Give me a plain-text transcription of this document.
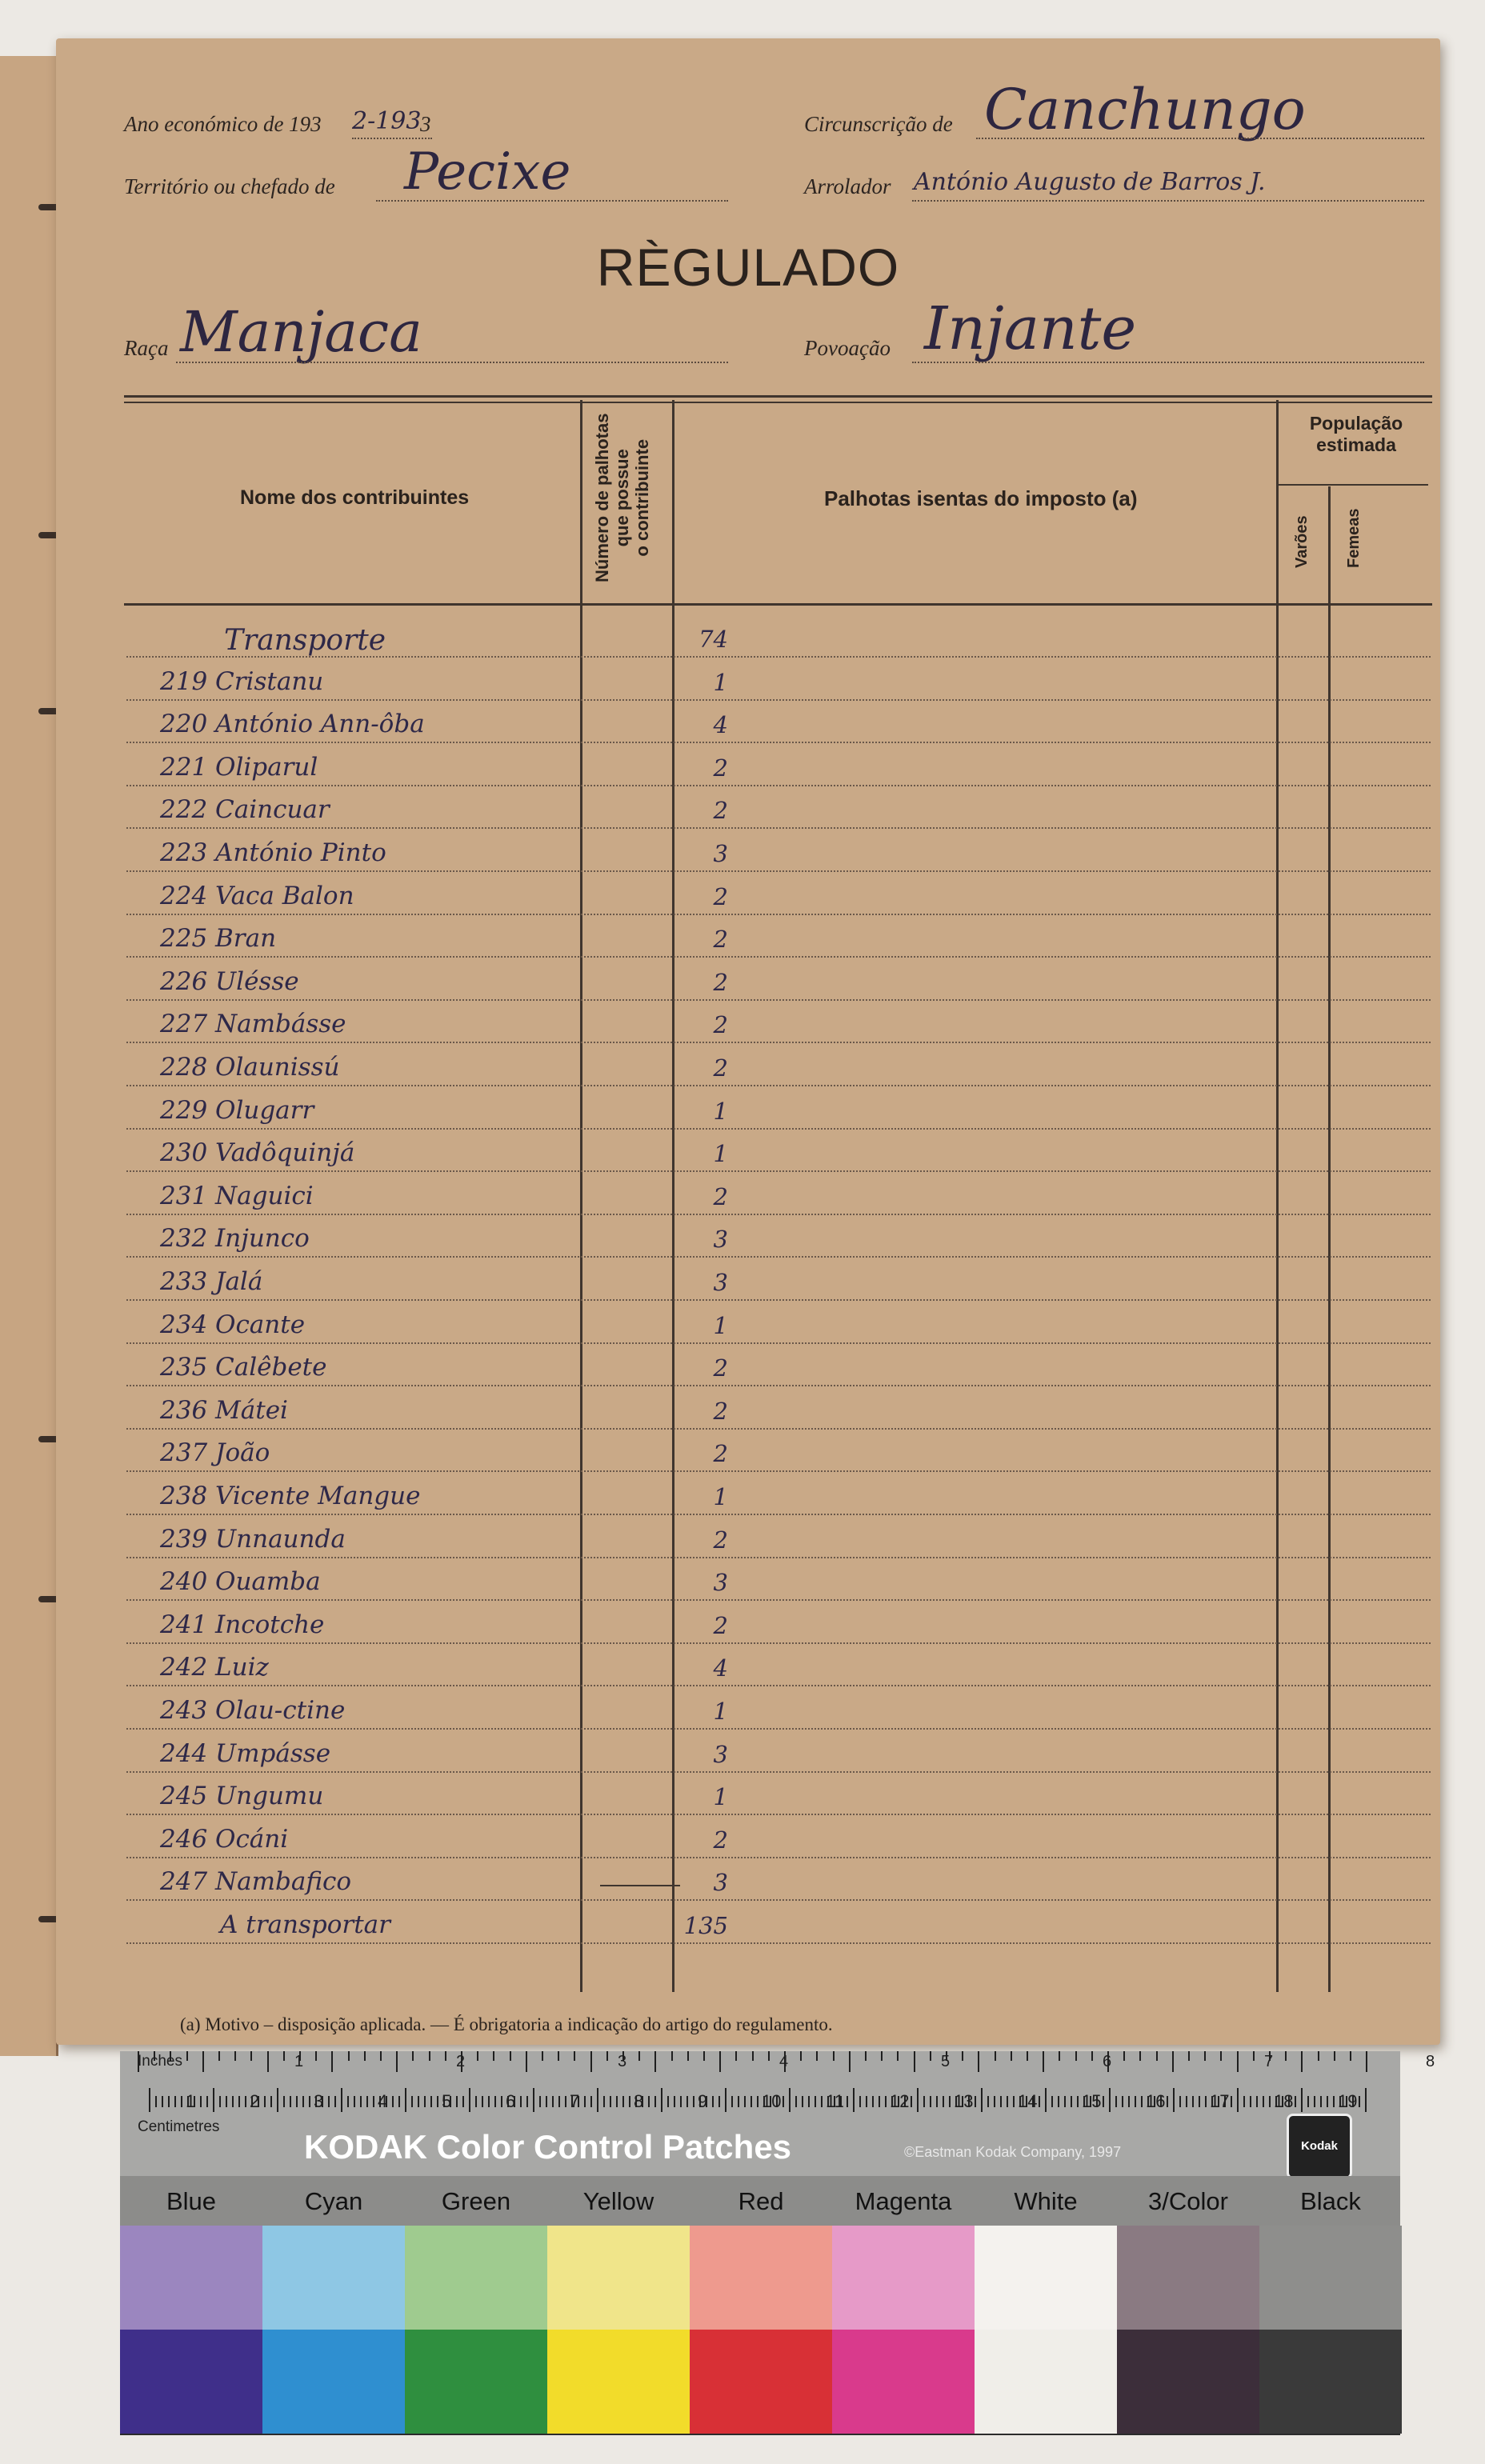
Ano económico de 193 2-193
3
Território ou chefado de Pecixe
Circunscrição de Canchungo
Arrolador António Augusto de Barros J.
RÈGULADO
Raça Manjaca	Povoação Injante
Nome dos contribuintes	Número de palhotas que possue o contribuinte	Palhotas isentas do imposto (a)
População
estimada
Varões Femeas
Transporte	74
219 Cristanu	1
220 António Ann-ôba	4
221 Oliparul	2
222 Caincuar	2
223 António Pinto	3
224 Vaca Balon	2
225 Bran	2
226 Ulésse	2
227 Nambásse	2
228 Olaunissú	2
229 Olugarr	1
230 Vadôquinjá	1
231 Naguici	2
232 Injunco	3
233 Jalá	3
234 Ocante	1
235 Calêbete	2
236 Mátei	2
237 João	2
238 Vicente Mangue	1
239 Unnaunda	2
240 Ouamba	3
241 Incotche	2
242 Luiz	4
243 Olau-ctine	1
244 Umpásse	3
245 Ungumu	1
246 Ocáni	2
247 Nambafico	3
A transportar	135
(a) Motivo – disposição aplicada. — É obrigatoria a indicação do artigo do regulamento.
1	2	3	4	5	6	7	8
1	2	3	4	5	6	7	8	9	10	11	12	13	14	15	16	17	18	19
Inches
Centimetres
KODAK Color Control Patches	©Eastman Kodak Company, 1997	Kodak
Blue	Cyan	Green	Yellow	Red	Magenta	White	3/Color	Black
